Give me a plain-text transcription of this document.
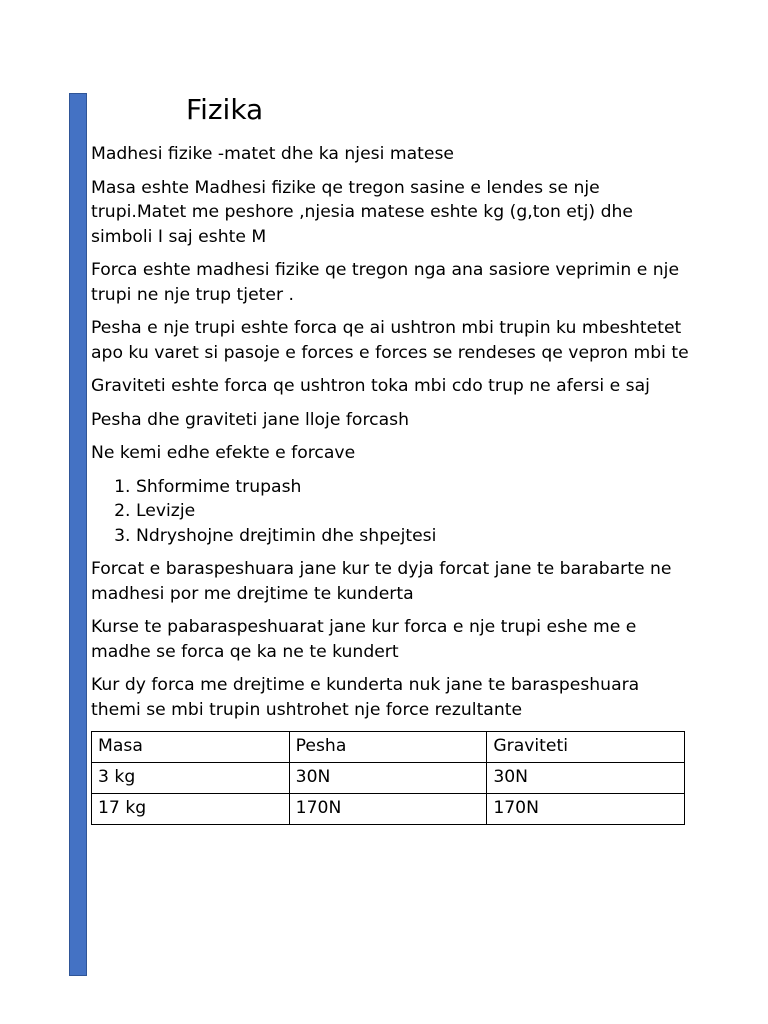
Fizika

Madhesi fizike -matet dhe ka njesi matese

Masa eshte Madhesi fizike qe tregon sasine e lendes se nje trupi.Matet me peshore ,njesia matese eshte kg (g,ton etj) dhe simboli I saj eshte M

Forca eshte madhesi fizike qe tregon nga ana sasiore veprimin e nje trupi ne nje trup tjeter .

Pesha e nje trupi eshte forca qe ai ushtron mbi trupin ku mbeshtetet apo ku varet si pasoje e forces e forces se rendeses qe vepron mbi te

Graviteti eshte forca qe ushtron toka mbi cdo trup ne afersi e saj

Pesha dhe graviteti jane lloje forcash

Ne kemi edhe efekte e forcave

1. Shformime trupash
2. Levizje
3. Ndryshojne drejtimin dhe shpejtesi

Forcat e baraspeshuara jane kur te dyja forcat jane te barabarte ne madhesi por me drejtime te kunderta

Kurse te pabaraspeshuarat jane kur forca e nje trupi eshe me e madhe se forca qe ka ne te kundert

Kur dy forca me drejtime e kunderta nuk jane te baraspeshuara themi se mbi trupin ushtrohet nje force rezultante

Masa	Pesha	Graviteti
3 kg	30N	30N
17 kg	170N	170N
